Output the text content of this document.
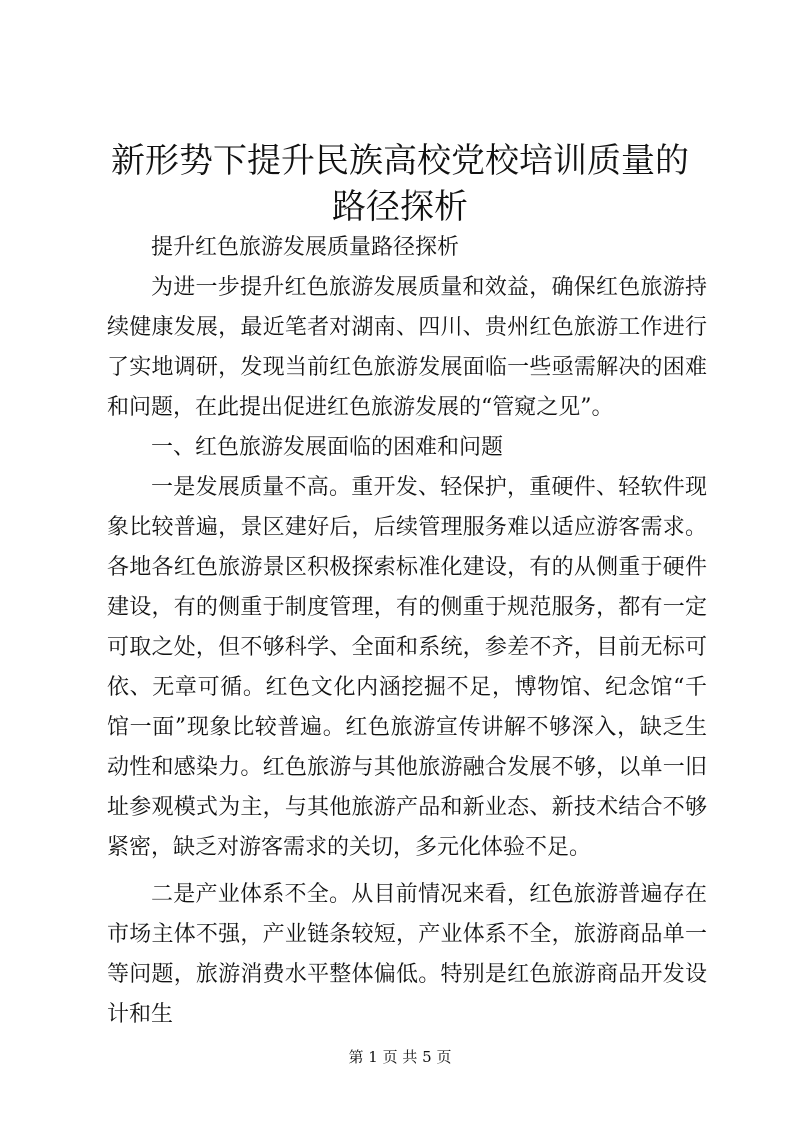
新形势下提升民族高校党校培训质量的路径探析

提升红色旅游发展质量路径探析

为进一步提升红色旅游发展质量和效益，确保红色旅游持续健康发展，最近笔者对湖南、四川、贵州红色旅游工作进行了实地调研，发现当前红色旅游发展面临一些亟需解决的困难和问题，在此提出促进红色旅游发展的“管窥之见”。

一、红色旅游发展面临的困难和问题

一是发展质量不高。重开发、轻保护，重硬件、轻软件现象比较普遍，景区建好后，后续管理服务难以适应游客需求。各地各红色旅游景区积极探索标准化建设，有的从侧重于硬件建设，有的侧重于制度管理，有的侧重于规范服务，都有一定可取之处，但不够科学、全面和系统，参差不齐，目前无标可依、无章可循。红色文化内涵挖掘不足，博物馆、纪念馆“千馆一面”现象比较普遍。红色旅游宣传讲解不够深入，缺乏生动性和感染力。红色旅游与其他旅游融合发展不够，以单一旧址参观模式为主，与其他旅游产品和新业态、新技术结合不够紧密，缺乏对游客需求的关切，多元化体验不足。

二是产业体系不全。从目前情况来看，红色旅游普遍存在市场主体不强，产业链条较短，产业体系不全，旅游商品单一等问题，旅游消费水平整体偏低。特别是红色旅游商品开发设计和生

第 1 页 共 5 页
